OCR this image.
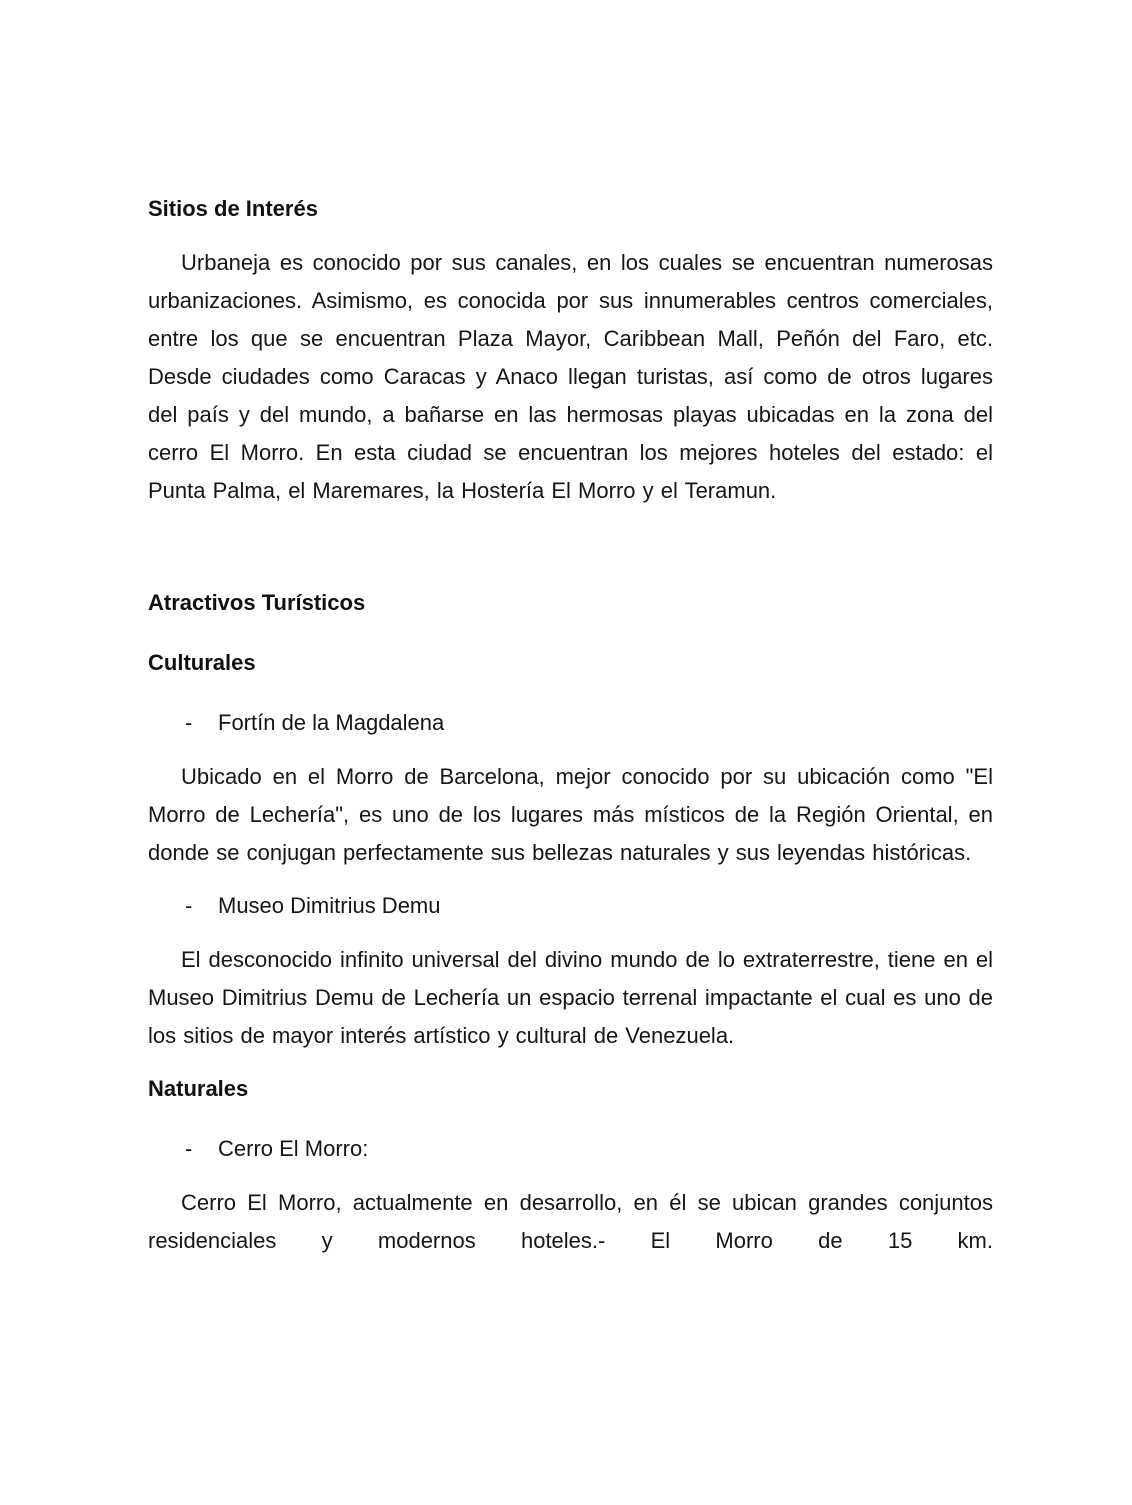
Sitios de Interés

Urbaneja es conocido por sus canales, en los cuales se encuentran numerosas urbanizaciones. Asimismo, es conocida por sus innumerables centros comerciales, entre los que se encuentran Plaza Mayor, Caribbean Mall, Peñón del Faro, etc. Desde ciudades como Caracas y Anaco llegan turistas, así como de otros lugares del país y del mundo, a bañarse en las hermosas playas ubicadas en la zona del cerro El Morro. En esta ciudad se encuentran los mejores hoteles del estado: el Punta Palma, el Maremares, la Hostería El Morro y el Teramun.

Atractivos Turísticos
Culturales
- Fortín de la Magdalena

Ubicado en el Morro de Barcelona, mejor conocido por su ubicación como "El Morro de Lechería", es uno de los lugares más místicos de la Región Oriental, en donde se conjugan perfectamente sus bellezas naturales y sus leyendas históricas.

- Museo Dimitrius Demu

El desconocido infinito universal del divino mundo de lo extraterrestre, tiene en el Museo Dimitrius Demu de Lechería un espacio terrenal impactante el cual es uno de los sitios de mayor interés artístico y cultural de Venezuela.

Naturales
- Cerro El Morro:

Cerro El Morro, actualmente en desarrollo, en él se ubican grandes conjuntos residenciales y modernos hoteles.- El Morro de 15 km.
